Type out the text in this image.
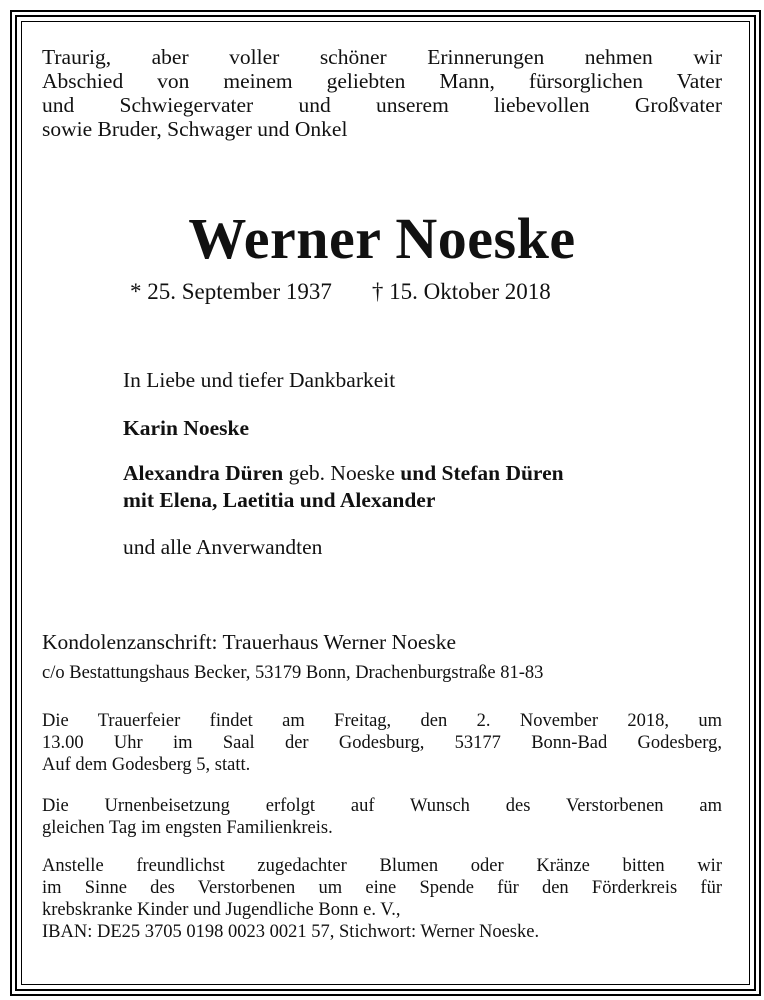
Traurig, aber voller schöner Erinnerungen nehmen wir
Abschied von meinem geliebten Mann, fürsorglichen Vater
und Schwiegervater und unserem liebevollen Großvater
sowie Bruder, Schwager und Onkel

Werner Noeske
* 25. September 1937 † 15. Oktober 2018

In Liebe und tiefer Dankbarkeit

Karin Noeske

Alexandra Düren geb. Noeske und Stefan Düren

mit Elena, Laetitia und Alexander

und alle Anverwandten

Kondolenzanschrift: Trauerhaus Werner Noeske
c/o Bestattungshaus Becker, 53179 Bonn, Drachenburgstraße 81-83

Die Trauerfeier findet am Freitag, den 2. November 2018, um
13.00 Uhr im Saal der Godesburg, 53177 Bonn-Bad Godesberg,
Auf dem Godesberg 5, statt.

Die Urnenbeisetzung erfolgt auf Wunsch des Verstorbenen am
gleichen Tag im engsten Familienkreis.

Anstelle freundlichst zugedachter Blumen oder Kränze bitten wir
im Sinne des Verstorbenen um eine Spende für den Förderkreis für
krebskranke Kinder und Jugendliche Bonn e. V.,
IBAN: DE25 3705 0198 0023 0021 57, Stichwort: Werner Noeske.
